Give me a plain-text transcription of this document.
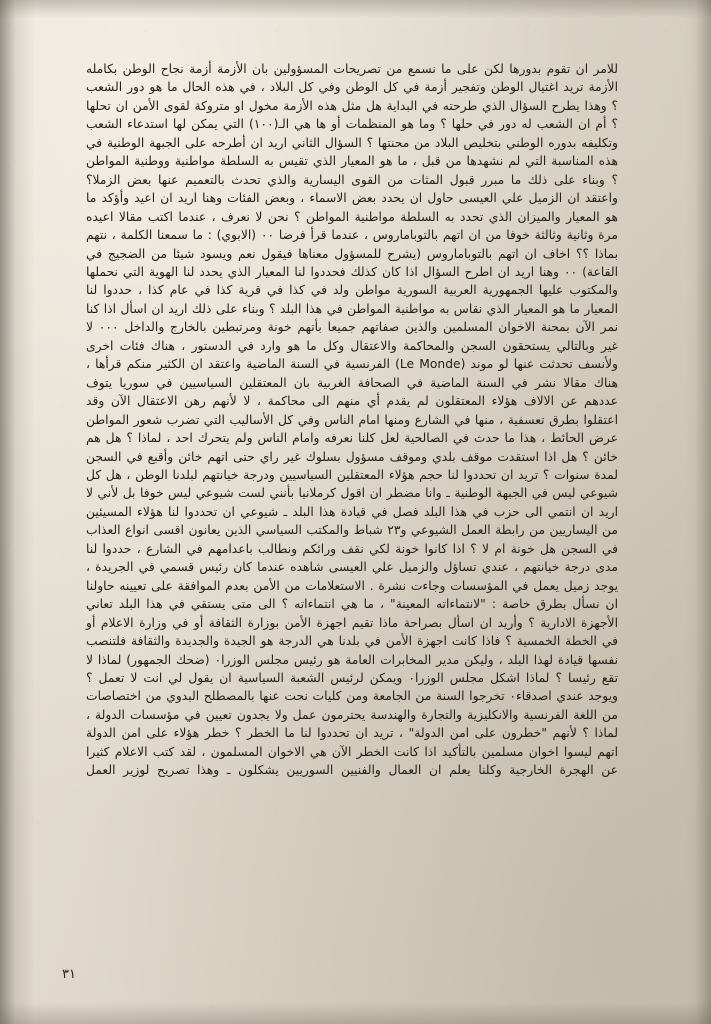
للامر ان تقوم بدورها لكن على ما نسمع من تصريحات المسؤولين بان الأزمة أزمة نجاح الوطن بكامله الأزمة تريد اغتيال الوطن وتفجير أزمة في كل الوطن وفي كل البلاد ، في هذه الحال ما هو دور الشعب ؟ وهذا يطرح السؤال الذي طرحته في البداية هل مثل هذه الأزمة مخول او متروكة لقوى الأمن ان تحلها ؟ أم ان الشعب له دور في حلها ؟ وما هو المنظمات أو ها هي الـ(١٠٠) التي يمكن لها استدعاء الشعب وتكليفه بدوره الوطني بتخليص البلاد من محنتها ؟ السؤال الثاني اريد ان أطرحه على الجبهة الوطنية في هذه المناسبة التي لم نشهدها من قبل ، ما هو المعيار الذي تقيس به السلطة مواطنية ووطنية المواطن ؟ وبناء على ذلك ما مبرر قبول المثات من القوى اليسارية والذي تحدث بالتعميم عنها بعض الزملا؟ واعتقد ان الزميل علي العيسى حاول ان يحدد بعض الاسماء ، وبعض الفئات وهنا اريد ان اعيد وأؤكد ما هو المعيار والميزان الذي تحدد به السلطة مواطنية المواطن ؟ نحن لا نعرف ، عندما اكتب مقالا اعيده مرة وثانية وثالثة خوفا من ان اتهم بالتوباماروس ، عندما قرأ فرضا ٠٠ (الابوي) : ما سمعنا الكلمة ، نتهم بماذا ؟؟ اخاف ان اتهم بالتوباماروس (يشرح للمسؤول معناها فيقول نعم ويسود شيئا من الضجيج في القاعة) ٠٠ وهنا اريد ان اطرح السؤال اذا كان كذلك فحددوا لنا المعيار الذي يحدد لنا الهوية التي نحملها والمكتوب عليها الجمهورية العربية السورية مواطن ولد في كذا في قرية كذا في عام كذا ، حددوا لنا المعيار ما هو المعيار الذي نقاس به مواطنية المواطن في هذا البلد ؟ وبناء على ذلك اريد ان اسأل اذا كنا نمر الآن بمحنة الاخوان المسلمين والذين صفاتهم جميعا بأتهم خونة ومرتبطين بالخارج والداخل ٠٠٠ لا غير وبالتالي يستحقون السجن والمحاكمة والاعتقال وكل ما هو وارد في الدستور ، هناك فئات اخرى ولأنسف تحدثت عنها لو موند (Le Monde) الفرنسية في السنة الماضية واعتقد ان الكثير منكم قرأها ، هناك مقالا نشر في السنة الماضية في الصحافة الغربية بان المعتقلين السياسيين في سوريا يتوف عددهم عن الالاف هؤلاء المعتقلون لم يقدم أي منهم الى محاكمة ، لا لأنهم رهن الاعتقال الآن وقد اعتقلوا بطرق تعسفية ، منها في الشارع ومنها امام الناس وفي كل الأساليب التي تضرب شعور المواطن عرض الحائط ، هذا ما حدث في الصالحية لعل كلنا نعرفه وامام الناس ولم يتحرك احد ، لماذا ؟ هل هم خائن ؟ هل اذا استقدت موقف بلدي وموقف مسؤول بسلوك غير راي حتى اتهم خائن وأقبع في السجن لمدة سنوات ؟ تريد ان تحددوا لنا حجم هؤلاء المعتقلين السياسيين ودرجة خيانتهم لبلدنا الوطن ، هل كل شيوعي ليس في الجبهة الوطنية ـ وانا مضطر ان اقول كرملانيا بأنني لست شيوعي ليس خوفا بل لأني لا اريد ان انتمي الى حزب في هذا البلد فصل في قيادة هذا البلد ـ شيوعي ان تحددوا لنا هؤلاء المسيئين من اليساريين من رابطة العمل الشيوعي و٢٣ شباط والمكتب السياسي الذين يعانون اقسى انواع العذاب في السجن هل خونة ام لا ؟ اذا كانوا خونة لكي نقف ورائكم ونطالب باعدامهم في الشارع ، حددوا لنا مدى درجة خيانتهم ، عندي تساؤل والزميل علي العيسى شاهده عندما كان رئيس قسمي في الجريدة ، يوجد زميل يعمل في المؤسسات وجاءت نشرة . الاستعلامات من الأمن بعدم الموافقة على تعيينه حاولنا ان نسأل بطرق خاصة : "لانتماءاته المعينة" ، ما هي انتماءاته ؟ الى متى يستقي في هذا البلد تعاني الأجهزة الادارية ؟ وأريد ان اسأل بصراحة ماذا تقيم اجهزة الأمن بوزارة الثقافة أو في وزارة الاعلام أو في الخطة الخمسية ؟ فاذا كانت اجهزة الأمن في بلدنا هي الدرجة هو الجيدة والجديدة والثقافة فلتنصب نفسها قيادة لهذا البلد ، وليكن مدير المخابرات العامة هو رئيس مجلس الوزرا٠ (ضحك الجمهور) لماذا لا تقع رئيسا ؟ لماذا اشكل مجلس الوزرا٠ ويمكن لرئيس الشعبة السياسية ان يقول لي انت لا تعمل ؟ ويوجد عندي اصدقاء٠ تخرجوا السنة من الجامعة ومن كليات نحت عنها بالمصطلح البدوي من اختصاصات من اللغة الفرنسية والانكليزية والتجارة والهندسة يحترمون عمل ولا يجدون تعيين في مؤسسات الدولة ، لماذا ؟ لأنهم "خطرون على امن الدولة" ، تريد ان تحددوا لنا ما الخطر ؟ خطر هؤلاء على امن الدولة اتهم ليسوا اخوان مسلمين بالتأكيد اذا كانت الخطر الآن هي الاخوان المسلمون ، لقد كتب الاعلام كثيرا عن الهجرة الخارجية وكلنا يعلم ان العمال والفنيين السوريين يشكلون ـ وهذا تصريح لوزير العمل

٣١
